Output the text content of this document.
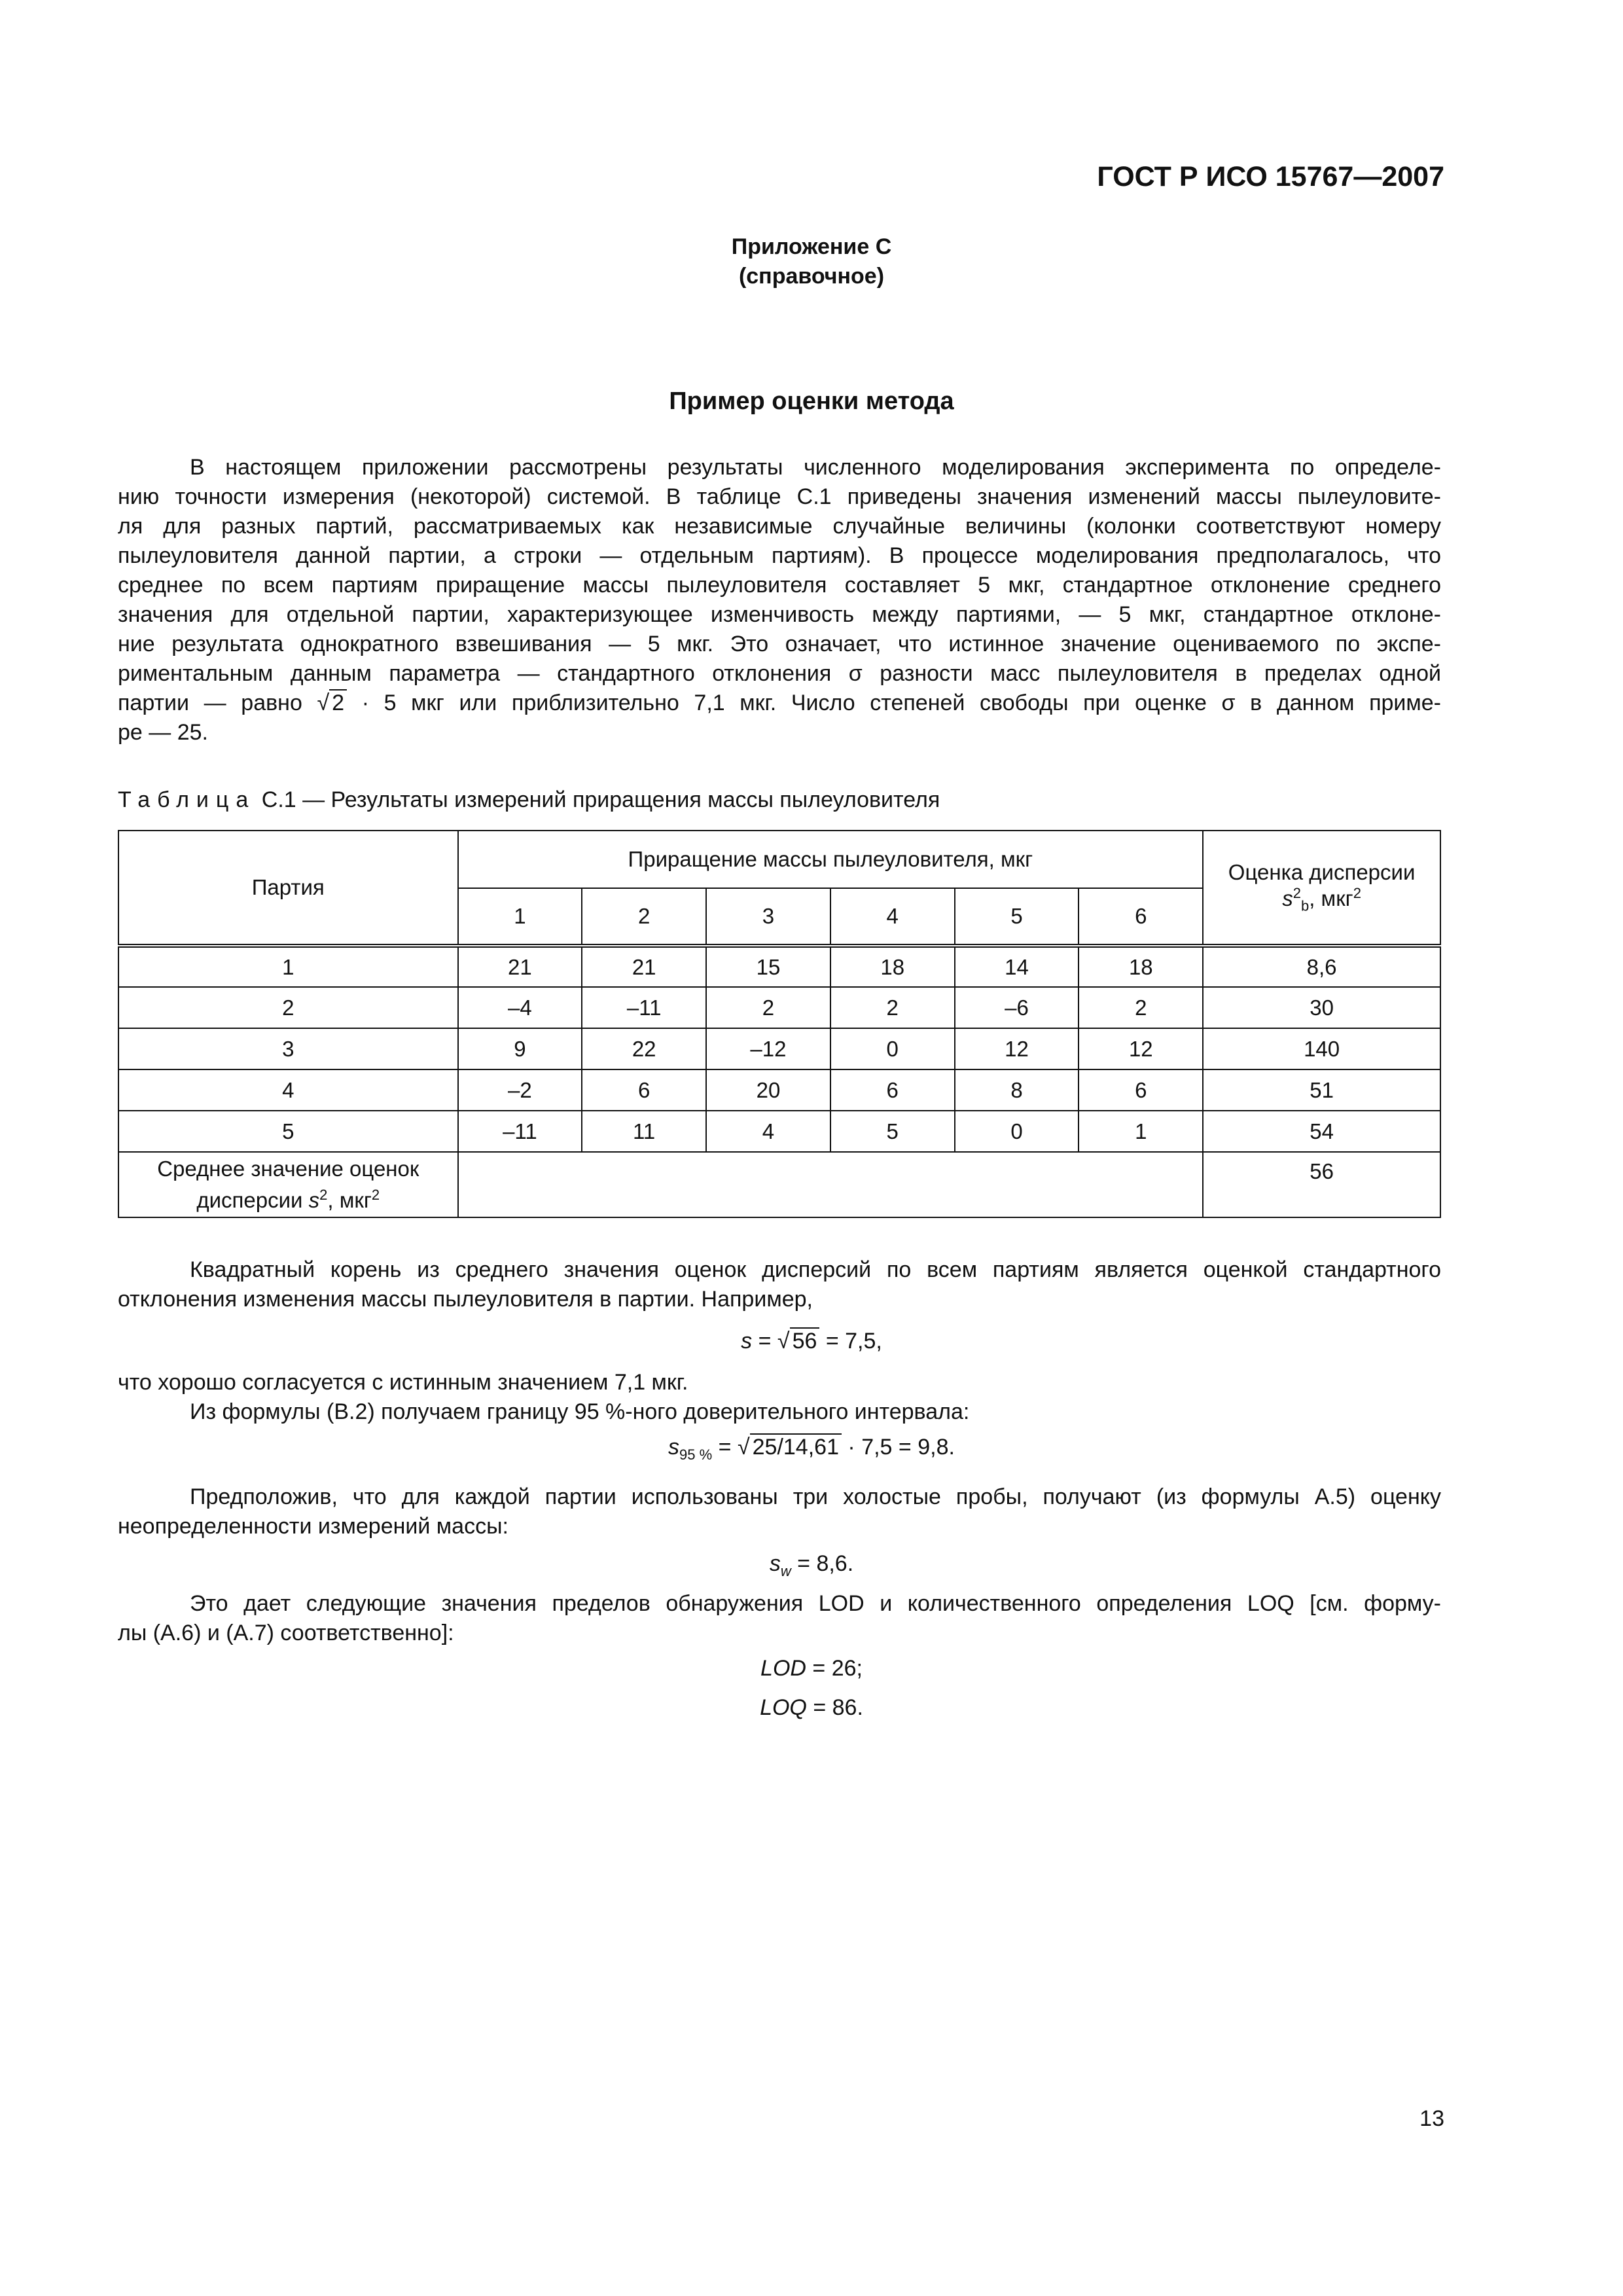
ГОСТ Р ИСО 15767—2007
Приложение С
(справочное)
Пример оценки метода
В настоящем приложении рассмотрены результаты численного моделирования эксперимента по определе-
нию точности измерения (некоторой) системой. В таблице С.1 приведены значения изменений массы пылеуловите-
ля для разных партий, рассматриваемых как независимые случайные величины (колонки соответствуют номеру
пылеуловителя данной партии, а строки — отдельным партиям). В процессе моделирования предполагалось, что
среднее по всем партиям приращение массы пылеуловителя составляет 5 мкг, стандартное отклонение среднего
значения для отдельной партии, характеризующее изменчивость между партиями, — 5 мкг, стандартное отклоне-
ние результата однократного взвешивания — 5 мкг. Это означает, что истинное значение оцениваемого по экспе-
риментальным данным параметра — стандартного отклонения σ разности масс пылеуловителя в пределах одной
партии — равно √ 2 · 5 мкг или приблизительно 7,1 мкг. Число степеней свободы при оценке σ в данном приме-
ре — 25.
Таблица С.1 — Результаты измерений приращения массы пылеуловителя
Партия	Приращение массы пылеуловителя, мкг						Оценка дисперсии
$s^2_b$, мкг$^2$

	1	2	3	4	5	6	
1	21	21	15	18	14	18	8,6
2	–4	–11	2	2	–6	2	30
3	9	22	–12	0	12	12	140
4	–2	6	20	6	8	6	51
5	–11	11	4	5	0	1	54

Среднее значение оценок
дисперсии $s^2$, мкг$^2$							56
Квадратный корень из среднего значения оценок дисперсий по всем партиям является оценкой стандартного
отклонения изменения массы пылеуловителя в партии. Например,
s = √ 56 = 7,5,
что хорошо согласуется с истинным значением 7,1 мкг.
Из формулы (В.2) получаем границу 95 %-ного доверительного интервала:
$s_{95 \%}$ = √ 25/14,61 · 7,5 = 9,8.
Предположив, что для каждой партии использованы три холостые пробы, получают (из формулы А.5) оценку
неопределенности измерений массы:
$s_w = 8,6$.
Это дает следующие значения пределов обнаружения LOD и количественного определения LOQ [см. форму-
лы (А.6) и (А.7) соответственно]:
LOD = 26;
LOQ = 86.
13
